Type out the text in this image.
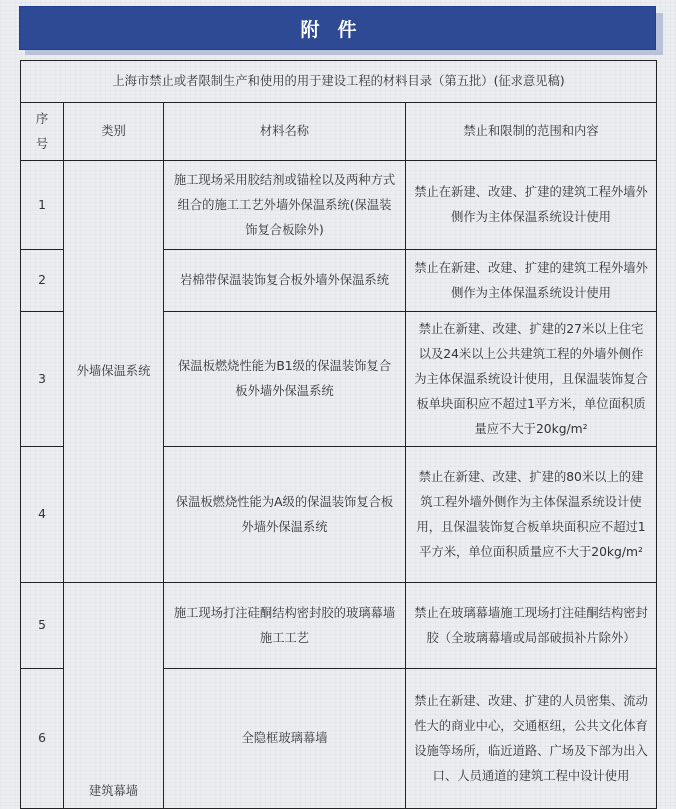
附件
上海市禁止或者限制生产和使用的用于建设工程的材料目录（第五批）(征求意见稿)			
序号	类别	材料名称	禁止和限制的范围和内容
1	外墙保温系统	施工现场采用胶结剂或锚栓以及两种方式组合的施工工艺外墙外保温系统(保温装饰复合板除外)	禁止在新建、改建、扩建的建筑工程外墙外侧作为主体保温系统设计使用
2		岩棉带保温装饰复合板外墙外保温系统	禁止在新建、改建、扩建的建筑工程外墙外侧作为主体保温系统设计使用
3		保温板燃烧性能为B1级的保温装饰复合板外墙外保温系统	禁止在新建、改建、扩建的27米以上住宅以及24米以上公共建筑工程的外墙外侧作为主体保温系统设计使用，且保温装饰复合板单块面积应不超过1平方米，单位面积质量应不大于20kg/m²
4		保温板燃烧性能为A级的保温装饰复合板外墙外保温系统	禁止在新建、改建、扩建的80米以上的建筑工程外墙外侧作为主体保温系统设计使用，且保温装饰复合板单块面积应不超过1平方米，单位面积质量应不大于20kg/m²
5	建筑幕墙	施工现场打注硅酮结构密封胶的玻璃幕墙施工工艺	禁止在玻璃幕墙施工现场打注硅酮结构密封胶（全玻璃幕墙或局部破损补片除外）
6		全隐框玻璃幕墙	禁止在新建、改建、扩建的人员密集、流动性大的商业中心，交通枢纽，公共文化体育设施等场所，临近道路、广场及下部为出入口、人员通道的建筑工程中设计使用
